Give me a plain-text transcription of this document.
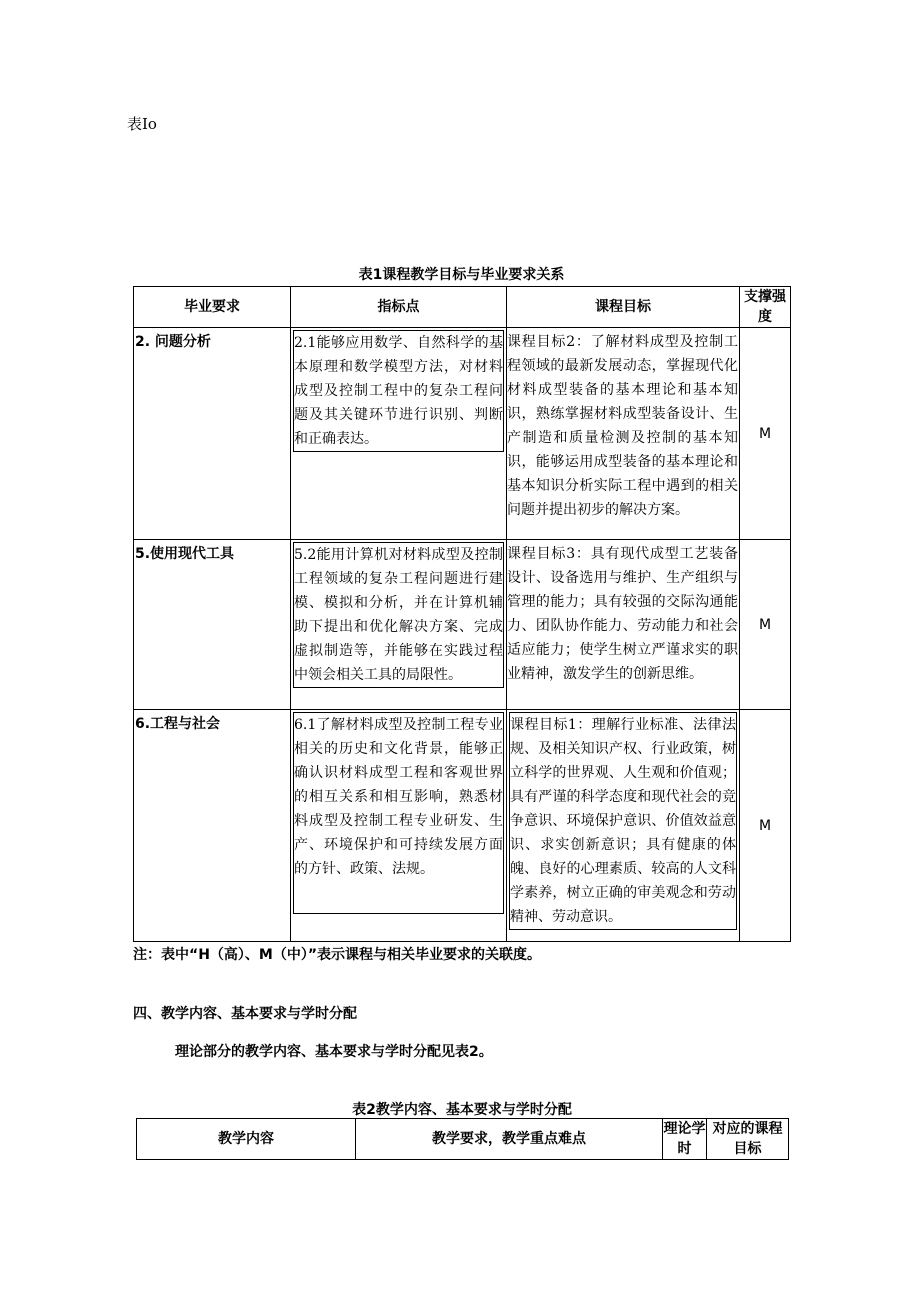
表Io
表1课程教学目标与毕业要求关系
毕业要求	指标点	课程目标	支撑强度
2. 问题分析	2.1能够应用数学、自然科学的基本原理和数学模型方法，对材料成型及控制工程中的复杂工程问题及其关键环节进行识别、判断和正确表达。	课程目标2：了解材料成型及控制工程领域的最新发展动态，掌握现代化材料成型装备的基本理论和基本知识，熟练掌握材料成型装备设计、生产制造和质量检测及控制的基本知识，能够运用成型装备的基本理论和基本知识分析实际工程中遇到的相关问题并提出初步的解决方案。	M
5.使用现代工具	5.2能用计算机对材料成型及控制工程领域的复杂工程问题进行建模、模拟和分析，并在计算机辅助下提出和优化解决方案、完成虚拟制造等，并能够在实践过程中领会相关工具的局限性。	课程目标3：具有现代成型工艺装备设计、设备选用与维护、生产组织与管理的能力；具有较强的交际沟通能力、团队协作能力、劳动能力和社会适应能力；使学生树立严谨求实的职业精神，激发学生的创新思维。	M
6.工程与社会	6.1了解材料成型及控制工程专业相关的历史和文化背景，能够正确认识材料成型工程和客观世界的相互关系和相互影响，熟悉材料成型及控制工程专业研发、生产、环境保护和可持续发展方面的方针、政策、法规。	课程目标1：理解行业标准、法律法规、及相关知识产权、行业政策，树立科学的世界观、人生观和价值观；具有严谨的科学态度和现代社会的竞争意识、环境保护意识、价值效益意识、求实创新意识；具有健康的体魄、良好的心理素质、较高的人文科学素养，树立正确的审美观念和劳动精神、劳动意识。	M
注：表中“H（高）、M（中）”表示课程与相关毕业要求的关联度。
四、教学内容、基本要求与学时分配
理论部分的教学内容、基本要求与学时分配见表2。
表2教学内容、基本要求与学时分配
教学内容	教学要求，教学重点难点	理论学时	对应的课程目标
